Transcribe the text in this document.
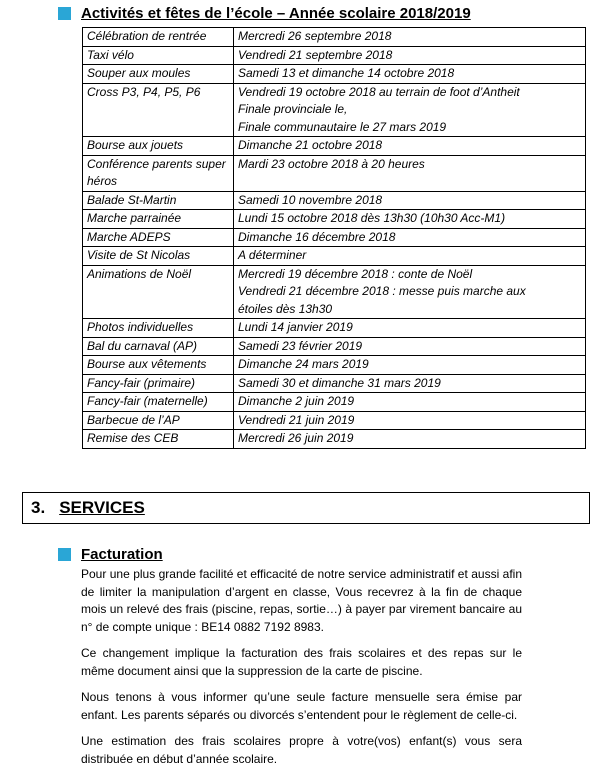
Activités et fêtes de l’école – Année scolaire 2018/2019
Célébration de rentrée	Mercredi 26 septembre 2018

Taxi vélo	Vendredi 21 septembre 2018

Souper aux moules	Samedi 13 et dimanche 14 octobre 2018

Cross P3, P4, P5, P6	Vendredi 19 octobre 2018 au terrain de foot d’Antheit
Finale provinciale le,
Finale communautaire le 27 mars 2019

Bourse aux jouets	Dimanche 21 octobre 2018

Conférence parents super héros	Mardi 23 octobre 2018 à 20 heures

Balade St-Martin	Samedi 10 novembre 2018

Marche parrainée	Lundi 15 octobre 2018 dès 13h30 (10h30 Acc-M1)

Marche ADEPS	Dimanche 16 décembre 2018

Visite de St Nicolas	A déterminer

Animations de Noël	Mercredi 19 décembre 2018 : conte de Noël
Vendredi 21 décembre 2018 : messe puis marche aux
étoiles dès 13h30

Photos individuelles	Lundi 14 janvier 2019

Bal du carnaval (AP)	Samedi 23 février 2019

Bourse aux vêtements	Dimanche 24 mars 2019

Fancy-fair (primaire)	Samedi 30 et dimanche 31 mars 2019

Fancy-fair (maternelle)	Dimanche 2 juin 2019

Barbecue de l’AP	Vendredi 21 juin 2019

Remise des CEB	Mercredi 26 juin 2019
3. SERVICES
Facturation

Pour une plus grande facilité et efficacité de notre service administratif et aussi afin de limiter la manipulation d’argent en classe, Vous recevrez à la fin de chaque mois un relevé des frais (piscine, repas, sortie…) à payer par virement bancaire au n° de compte unique : BE14 0882 7192 8983.

Ce changement implique la facturation des frais scolaires et des repas sur le même document ainsi que la suppression de la carte de piscine.

Nous tenons à vous informer qu’une seule facture mensuelle sera émise par enfant. Les parents séparés ou divorcés s’entendent pour le règlement de celle-ci.

Une estimation des frais scolaires propre à votre(vos) enfant(s) vous sera distribuée en début d’année scolaire.
